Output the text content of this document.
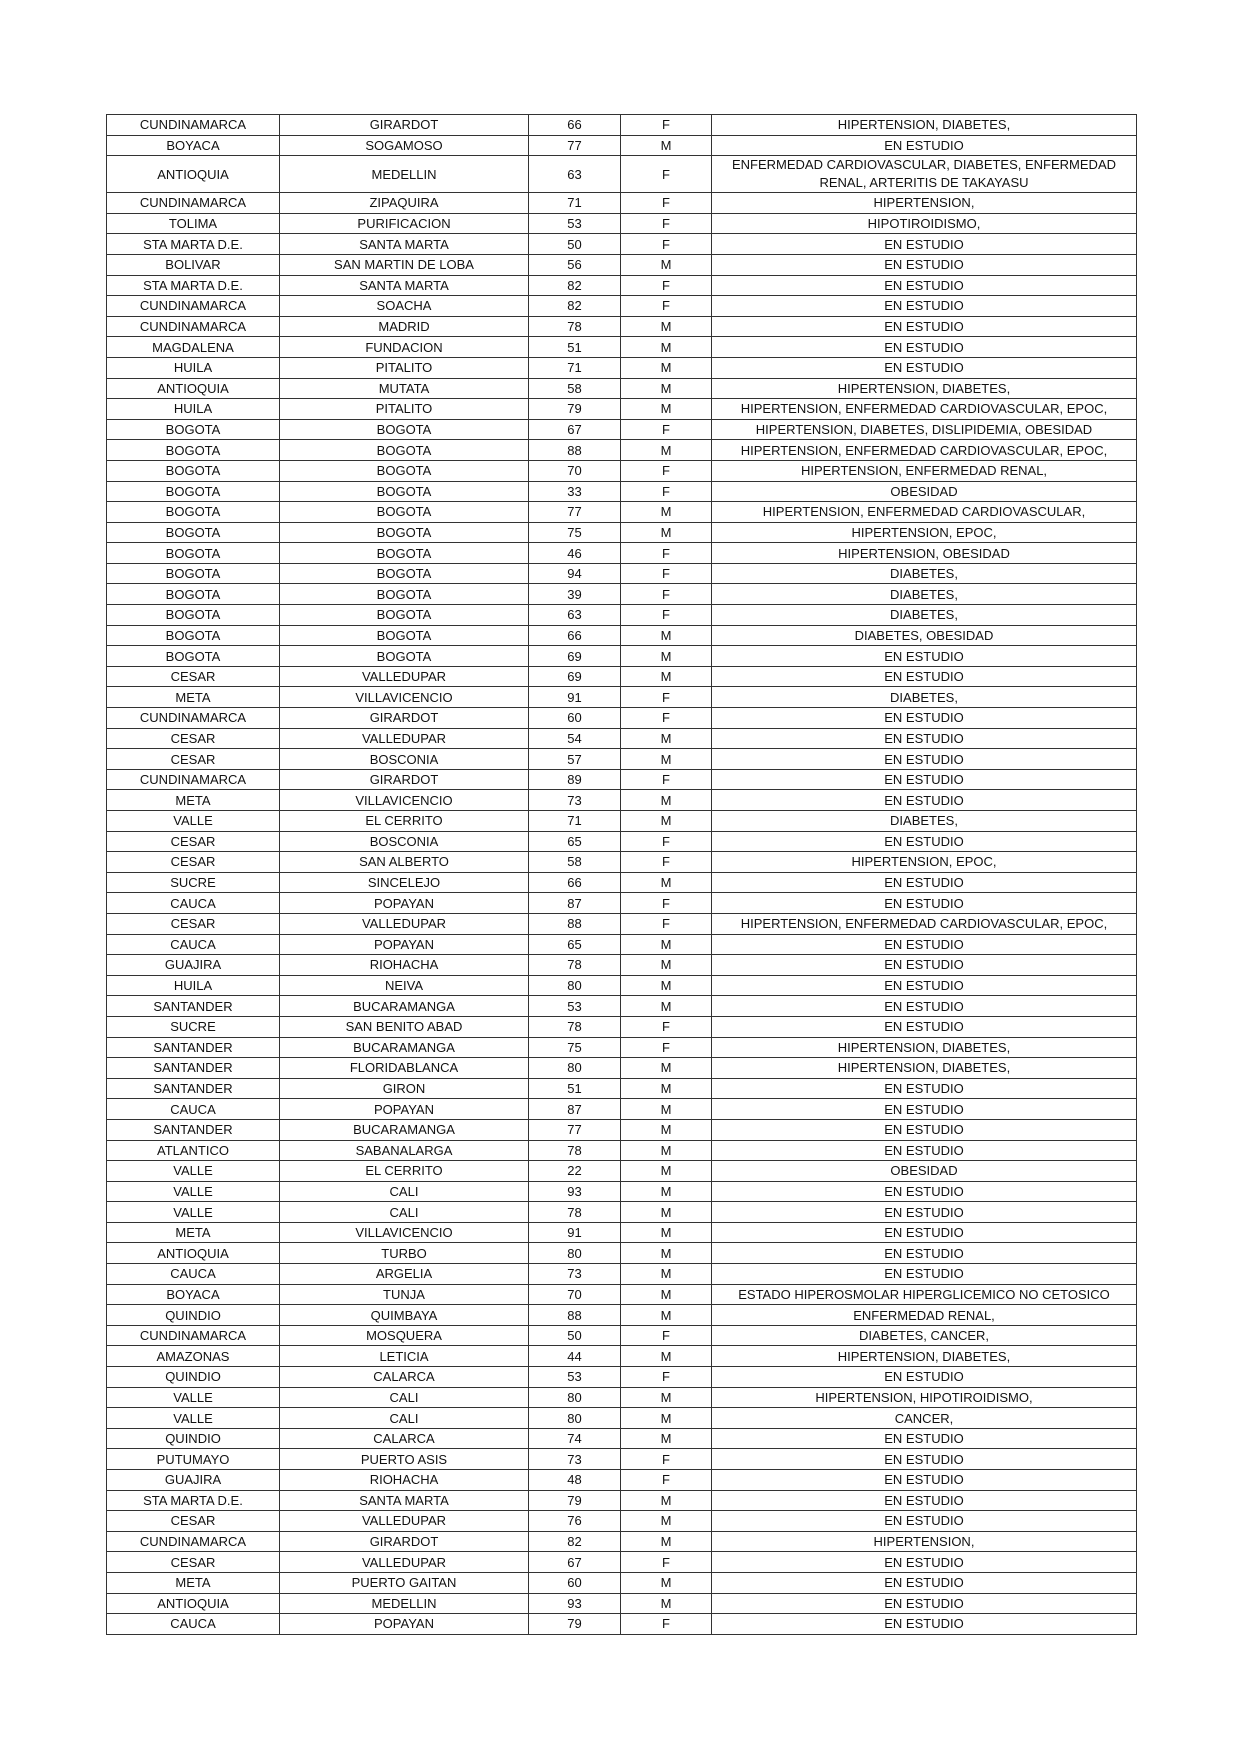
CUNDINAMARCA	GIRARDOT	66	F	HIPERTENSION, DIABETES,
BOYACA	SOGAMOSO	77	M	EN ESTUDIO
ANTIOQUIA	MEDELLIN	63	F	ENFERMEDAD CARDIOVASCULAR, DIABETES, ENFERMEDAD RENAL, ARTERITIS DE TAKAYASU
CUNDINAMARCA	ZIPAQUIRA	71	F	HIPERTENSION,
TOLIMA	PURIFICACION	53	F	HIPOTIROIDISMO,
STA MARTA D.E.	SANTA MARTA	50	F	EN ESTUDIO
BOLIVAR	SAN MARTIN DE LOBA	56	M	EN ESTUDIO
STA MARTA D.E.	SANTA MARTA	82	F	EN ESTUDIO
CUNDINAMARCA	SOACHA	82	F	EN ESTUDIO
CUNDINAMARCA	MADRID	78	M	EN ESTUDIO
MAGDALENA	FUNDACION	51	M	EN ESTUDIO
HUILA	PITALITO	71	M	EN ESTUDIO
ANTIOQUIA	MUTATA	58	M	HIPERTENSION, DIABETES,
HUILA	PITALITO	79	M	HIPERTENSION, ENFERMEDAD CARDIOVASCULAR, EPOC,
BOGOTA	BOGOTA	67	F	HIPERTENSION, DIABETES, DISLIPIDEMIA, OBESIDAD
BOGOTA	BOGOTA	88	M	HIPERTENSION, ENFERMEDAD CARDIOVASCULAR, EPOC,
BOGOTA	BOGOTA	70	F	HIPERTENSION, ENFERMEDAD RENAL,
BOGOTA	BOGOTA	33	F	OBESIDAD
BOGOTA	BOGOTA	77	M	HIPERTENSION, ENFERMEDAD CARDIOVASCULAR,
BOGOTA	BOGOTA	75	M	HIPERTENSION, EPOC,
BOGOTA	BOGOTA	46	F	HIPERTENSION, OBESIDAD
BOGOTA	BOGOTA	94	F	DIABETES,
BOGOTA	BOGOTA	39	F	DIABETES,
BOGOTA	BOGOTA	63	F	DIABETES,
BOGOTA	BOGOTA	66	M	DIABETES, OBESIDAD
BOGOTA	BOGOTA	69	M	EN ESTUDIO
CESAR	VALLEDUPAR	69	M	EN ESTUDIO
META	VILLAVICENCIO	91	F	DIABETES,
CUNDINAMARCA	GIRARDOT	60	F	EN ESTUDIO
CESAR	VALLEDUPAR	54	M	EN ESTUDIO
CESAR	BOSCONIA	57	M	EN ESTUDIO
CUNDINAMARCA	GIRARDOT	89	F	EN ESTUDIO
META	VILLAVICENCIO	73	M	EN ESTUDIO
VALLE	EL CERRITO	71	M	DIABETES,
CESAR	BOSCONIA	65	F	EN ESTUDIO
CESAR	SAN ALBERTO	58	F	HIPERTENSION, EPOC,
SUCRE	SINCELEJO	66	M	EN ESTUDIO
CAUCA	POPAYAN	87	F	EN ESTUDIO
CESAR	VALLEDUPAR	88	F	HIPERTENSION, ENFERMEDAD CARDIOVASCULAR, EPOC,
CAUCA	POPAYAN	65	M	EN ESTUDIO
GUAJIRA	RIOHACHA	78	M	EN ESTUDIO
HUILA	NEIVA	80	M	EN ESTUDIO
SANTANDER	BUCARAMANGA	53	M	EN ESTUDIO
SUCRE	SAN BENITO ABAD	78	F	EN ESTUDIO
SANTANDER	BUCARAMANGA	75	F	HIPERTENSION, DIABETES,
SANTANDER	FLORIDABLANCA	80	M	HIPERTENSION, DIABETES,
SANTANDER	GIRON	51	M	EN ESTUDIO
CAUCA	POPAYAN	87	M	EN ESTUDIO
SANTANDER	BUCARAMANGA	77	M	EN ESTUDIO
ATLANTICO	SABANALARGA	78	M	EN ESTUDIO
VALLE	EL CERRITO	22	M	OBESIDAD
VALLE	CALI	93	M	EN ESTUDIO
VALLE	CALI	78	M	EN ESTUDIO
META	VILLAVICENCIO	91	M	EN ESTUDIO
ANTIOQUIA	TURBO	80	M	EN ESTUDIO
CAUCA	ARGELIA	73	M	EN ESTUDIO
BOYACA	TUNJA	70	M	ESTADO HIPEROSMOLAR HIPERGLICEMICO NO CETOSICO
QUINDIO	QUIMBAYA	88	M	ENFERMEDAD RENAL,
CUNDINAMARCA	MOSQUERA	50	F	DIABETES, CANCER,
AMAZONAS	LETICIA	44	M	HIPERTENSION, DIABETES,
QUINDIO	CALARCA	53	F	EN ESTUDIO
VALLE	CALI	80	M	HIPERTENSION, HIPOTIROIDISMO,
VALLE	CALI	80	M	CANCER,
QUINDIO	CALARCA	74	M	EN ESTUDIO
PUTUMAYO	PUERTO ASIS	73	F	EN ESTUDIO
GUAJIRA	RIOHACHA	48	F	EN ESTUDIO
STA MARTA D.E.	SANTA MARTA	79	M	EN ESTUDIO
CESAR	VALLEDUPAR	76	M	EN ESTUDIO
CUNDINAMARCA	GIRARDOT	82	M	HIPERTENSION,
CESAR	VALLEDUPAR	67	F	EN ESTUDIO
META	PUERTO GAITAN	60	M	EN ESTUDIO
ANTIOQUIA	MEDELLIN	93	M	EN ESTUDIO
CAUCA	POPAYAN	79	F	EN ESTUDIO
